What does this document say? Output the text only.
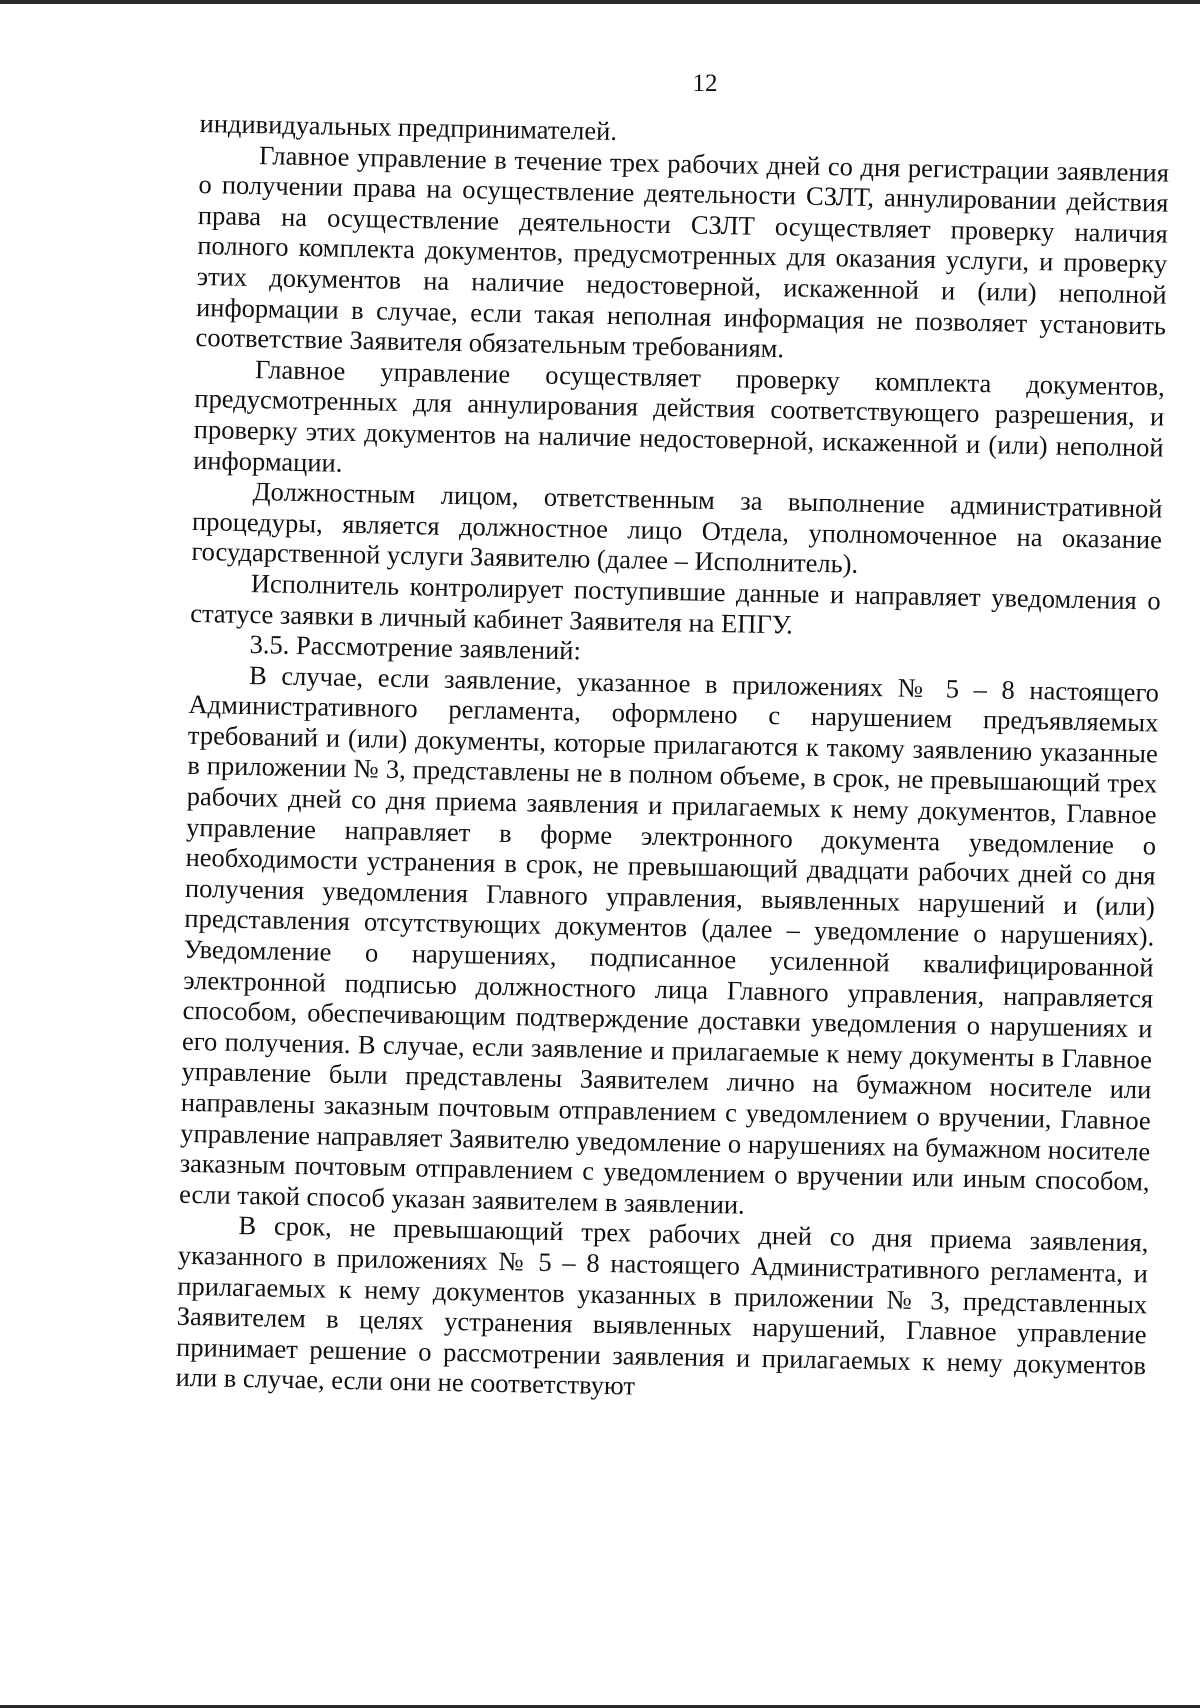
12

индивидуальных предпринимателей.

Главное управление в течение трех рабочих дней со дня регистрации заявления о получении права на осуществление деятельности СЗЛТ, аннулировании действия права на осуществление деятельности СЗЛТ осуществляет проверку наличия полного комплекта документов, предусмотренных для оказания услуги, и проверку этих документов на наличие недостоверной, искаженной и (или) неполной информации в случае, если такая неполная информация не позволяет установить соответствие Заявителя обязательным требованиям.

Главное управление осуществляет проверку комплекта документов, предусмотренных для аннулирования действия соответствующего разрешения, и проверку этих документов на наличие недостоверной, искаженной и (или) неполной информации.

Должностным лицом, ответственным за выполнение административной процедуры, является должностное лицо Отдела, уполномоченное на оказание государственной услуги Заявителю (далее – Исполнитель).

Исполнитель контролирует поступившие данные и направляет уведомления о статусе заявки в личный кабинет Заявителя на ЕПГУ.

3.5. Рассмотрение заявлений:

В случае, если заявление, указанное в приложениях № 5 – 8 настоящего Административного регламента, оформлено с нарушением предъявляемых требований и (или) документы, которые прилагаются к такому заявлению указанные в приложении № 3, представлены не в полном объеме, в срок, не превышающий трех рабочих дней со дня приема заявления и прилагаемых к нему документов, Главное управление направляет в форме электронного документа уведомление о необходимости устранения в срок, не превышающий двадцати рабочих дней со дня получения уведомления Главного управления, выявленных нарушений и (или) представления отсутствующих документов (далее – уведомление о нарушениях). Уведомление о нарушениях, подписанное усиленной квалифицированной электронной подписью должностного лица Главного управления, направляется способом, обеспечивающим подтверждение доставки уведомления о нарушениях и его получения. В случае, если заявление и прилагаемые к нему документы в Главное управление были представлены Заявителем лично на бумажном носителе или направлены заказным почтовым отправлением с уведомлением о вручении, Главное управление направляет Заявителю уведомление о нарушениях на бумажном носителе заказным почтовым отправлением с уведомлением о вручении или иным способом, если такой способ указан заявителем в заявлении.

В срок, не превышающий трех рабочих дней со дня приема заявления, указанного в приложениях № 5 – 8 настоящего Административного регламента, и прилагаемых к нему документов указанных в приложении № 3, представленных Заявителем в целях устранения выявленных нарушений, Главное управление принимает решение о рассмотрении заявления и прилагаемых к нему документов или в случае, если они не соответствуют
